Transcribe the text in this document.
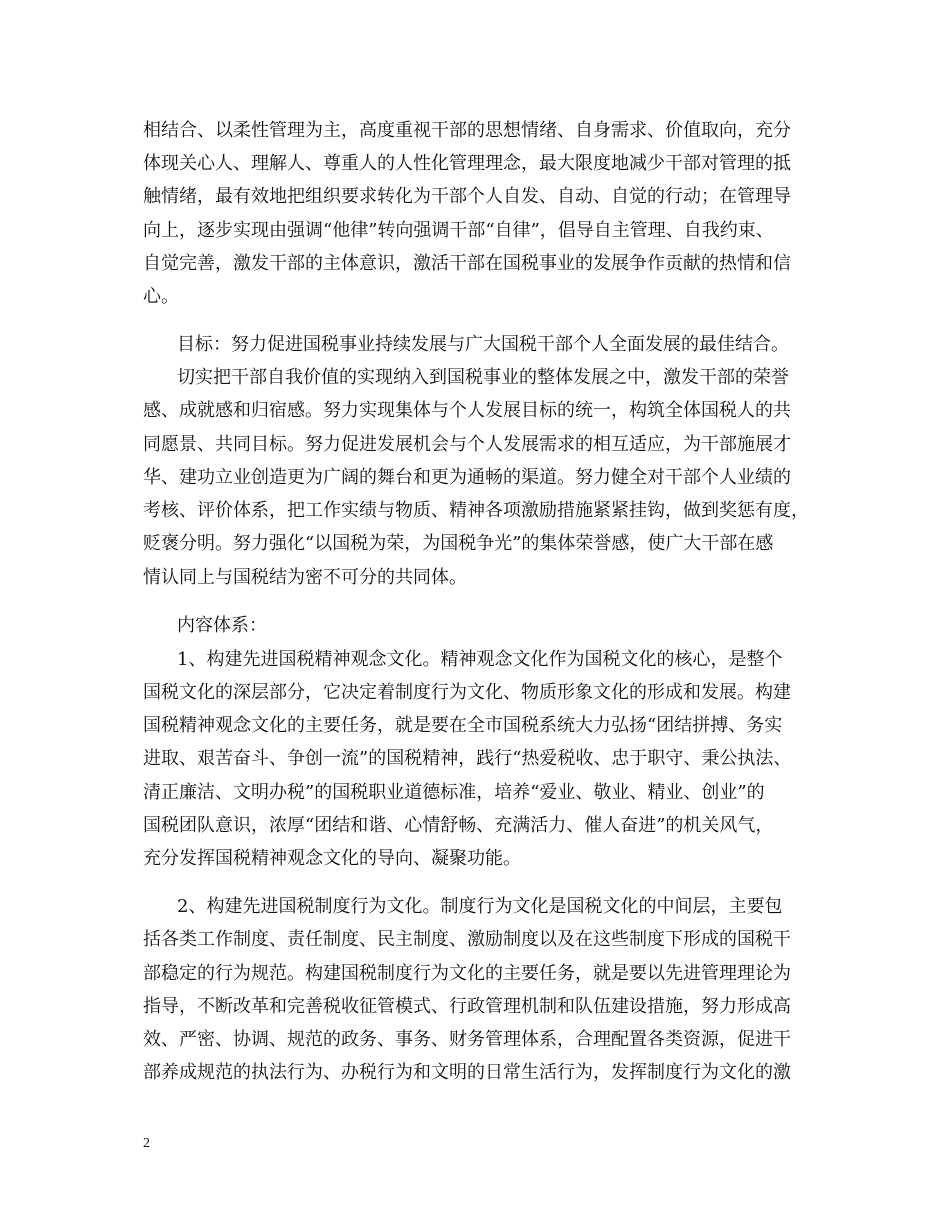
相结合、以柔性管理为主，高度重视干部的思想情绪、自身需求、价值取向，充分
体现关心人、理解人、尊重人的人性化管理理念，最大限度地减少干部对管理的抵
触情绪，最有效地把组织要求转化为干部个人自发、自动、自觉的行动；在管理导
向上，逐步实现由强调“他律”转向强调干部“自律”，倡导自主管理、自我约束、
自觉完善，激发干部的主体意识，激活干部在国税事业的发展争作贡献的热情和信
心。
目标：努力促进国税事业持续发展与广大国税干部个人全面发展的最佳结合。
切实把干部自我价值的实现纳入到国税事业的整体发展之中，激发干部的荣誉
感、成就感和归宿感。努力实现集体与个人发展目标的统一，构筑全体国税人的共
同愿景、共同目标。努力促进发展机会与个人发展需求的相互适应，为干部施展才
华、建功立业创造更为广阔的舞台和更为通畅的渠道。努力健全对干部个人业绩的
考核、评价体系，把工作实绩与物质、精神各项激励措施紧紧挂钩，做到奖惩有度，
贬褒分明。努力强化“以国税为荣，为国税争光”的集体荣誉感，使广大干部在感
情认同上与国税结为密不可分的共同体。
内容体系：
1、构建先进国税精神观念文化。精神观念文化作为国税文化的核心，是整个
国税文化的深层部分，它决定着制度行为文化、物质形象文化的形成和发展。构建
国税精神观念文化的主要任务，就是要在全市国税系统大力弘扬“团结拼搏、务实
进取、艰苦奋斗、争创一流”的国税精神，践行“热爱税收、忠于职守、秉公执法、
清正廉洁、文明办税”的国税职业道德标准，培养“爱业、敬业、精业、创业”的
国税团队意识，浓厚“团结和谐、心情舒畅、充满活力、催人奋进”的机关风气，
充分发挥国税精神观念文化的导向、凝聚功能。
2、构建先进国税制度行为文化。制度行为文化是国税文化的中间层，主要包
括各类工作制度、责任制度、民主制度、激励制度以及在这些制度下形成的国税干
部稳定的行为规范。构建国税制度行为文化的主要任务，就是要以先进管理理论为
指导，不断改革和完善税收征管模式、行政管理机制和队伍建设措施，努力形成高
效、严密、协调、规范的政务、事务、财务管理体系，合理配置各类资源，促进干
部养成规范的执法行为、办税行为和文明的日常生活行为，发挥制度行为文化的激
2
